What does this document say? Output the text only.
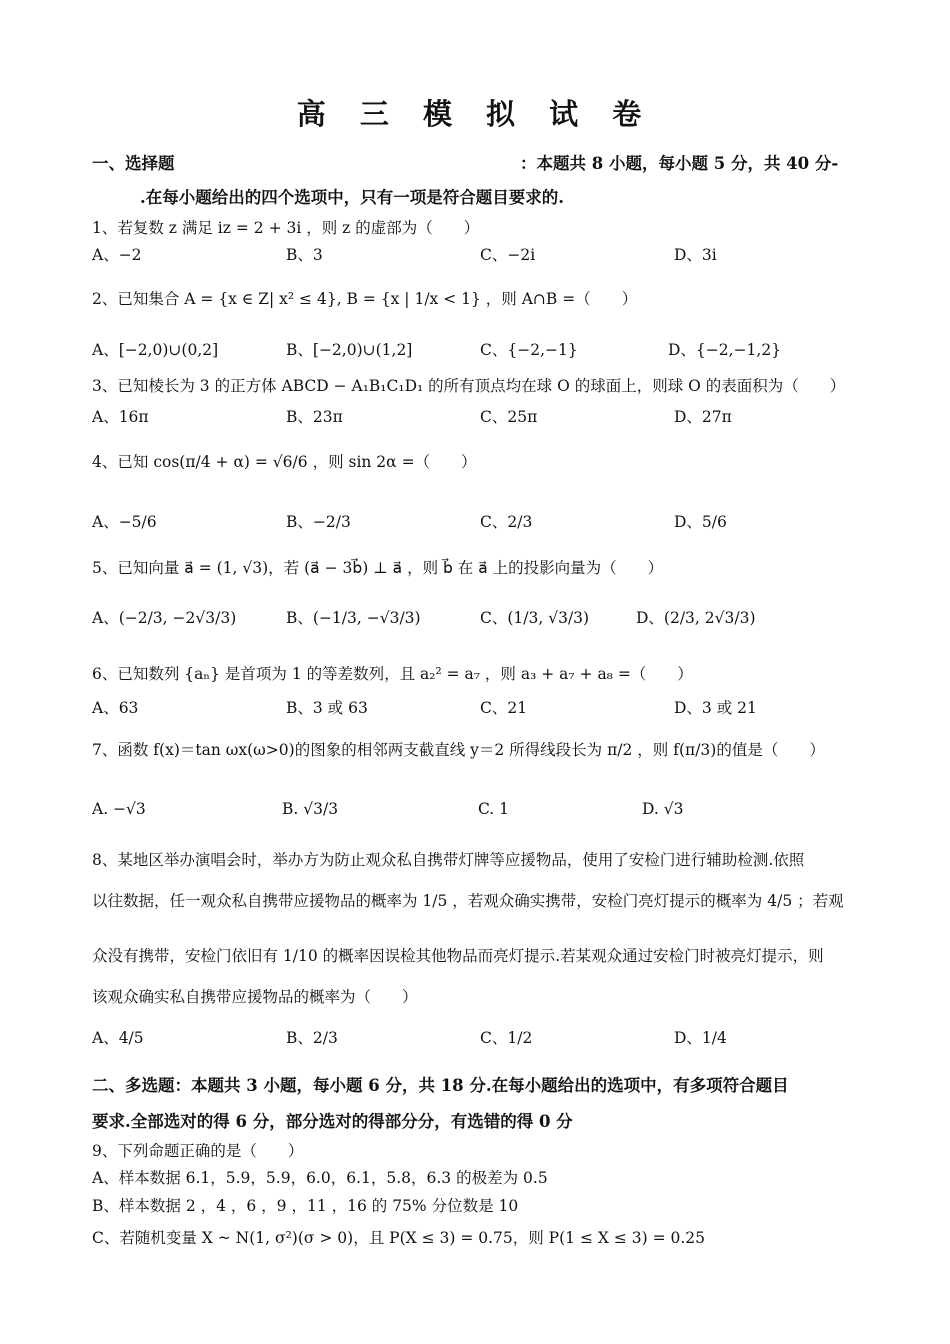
高 三 模 拟 试 卷
一、选择题	：本题共 8 小题，每小题 5 分，共 40 分-
.在每小题给出的四个选项中，只有一项是符合题目要求的.
1、若复数 z 满足 iz = 2 + 3i ，则 z 的虚部为（　　）
A、−2	B、3	C、−2i	D、3i
2、已知集合 A = {x ∈ Z| x² ≤ 4}, B = {x | 1/x < 1} ，则 A∩B =（　　）
A、[−2,0)∪(0,2]	B、[−2,0)∪(1,2]	C、{−2,−1}	D、{−2,−1,2}
3、已知棱长为 3 的正方体 ABCD − A₁B₁C₁D₁ 的所有顶点均在球 O 的球面上，则球 O 的表面积为（　　）
A、16π	B、23π	C、25π	D、27π
4、已知 cos(π/4 + α) = √6/6 ，则 sin 2α =（　　）
A、−5/6	B、−2/3	C、2/3	D、5/6
5、已知向量 a⃗ = (1, √3)，若 (a⃗ − 3b⃗) ⊥ a⃗ ，则 b⃗ 在 a⃗ 上的投影向量为（　　）
A、(−2/3, −2√3/3)	B、(−1/3, −√3/3)	C、(1/3, √3/3)	D、(2/3, 2√3/3)
6、已知数列 {aₙ} 是首项为 1 的等差数列，且 a₂² = a₇ ，则 a₃ + a₇ + a₈ =（　　）
A、63	B、3 或 63	C、21	D、3 或 21
7、函数 f(x)＝tan ωx(ω>0)的图象的相邻两支截直线 y＝2 所得线段长为 π/2 ，则 f(π/3)的值是（　　）
A. −√3	B. √3/3	C. 1	D. √3
8、某地区举办演唱会时，举办方为防止观众私自携带灯牌等应援物品，使用了安检门进行辅助检测.依照
以往数据，任一观众私自携带应援物品的概率为 1/5 ，若观众确实携带，安检门亮灯提示的概率为 4/5 ；若观
众没有携带，安检门依旧有 1/10 的概率因误检其他物品而亮灯提示.若某观众通过安检门时被亮灯提示，则
该观众确实私自携带应援物品的概率为（　　）
A、4/5	B、2/3	C、1/2	D、1/4
二、多选题：本题共 3 小题，每小题 6 分，共 18 分.在每小题给出的选项中，有多项符合题目
要求.全部选对的得 6 分，部分选对的得部分分，有选错的得 0 分
9、下列命题正确的是（　　）
A、样本数据 6.1，5.9，5.9，6.0，6.1，5.8，6.3 的极差为 0.5
B、样本数据 2 ，4 ，6 ，9 ，11 ，16 的 75% 分位数是 10
C、若随机变量 X ~ N(1, σ²)(σ > 0)，且 P(X ≤ 3) = 0.75，则 P(1 ≤ X ≤ 3) = 0.25
